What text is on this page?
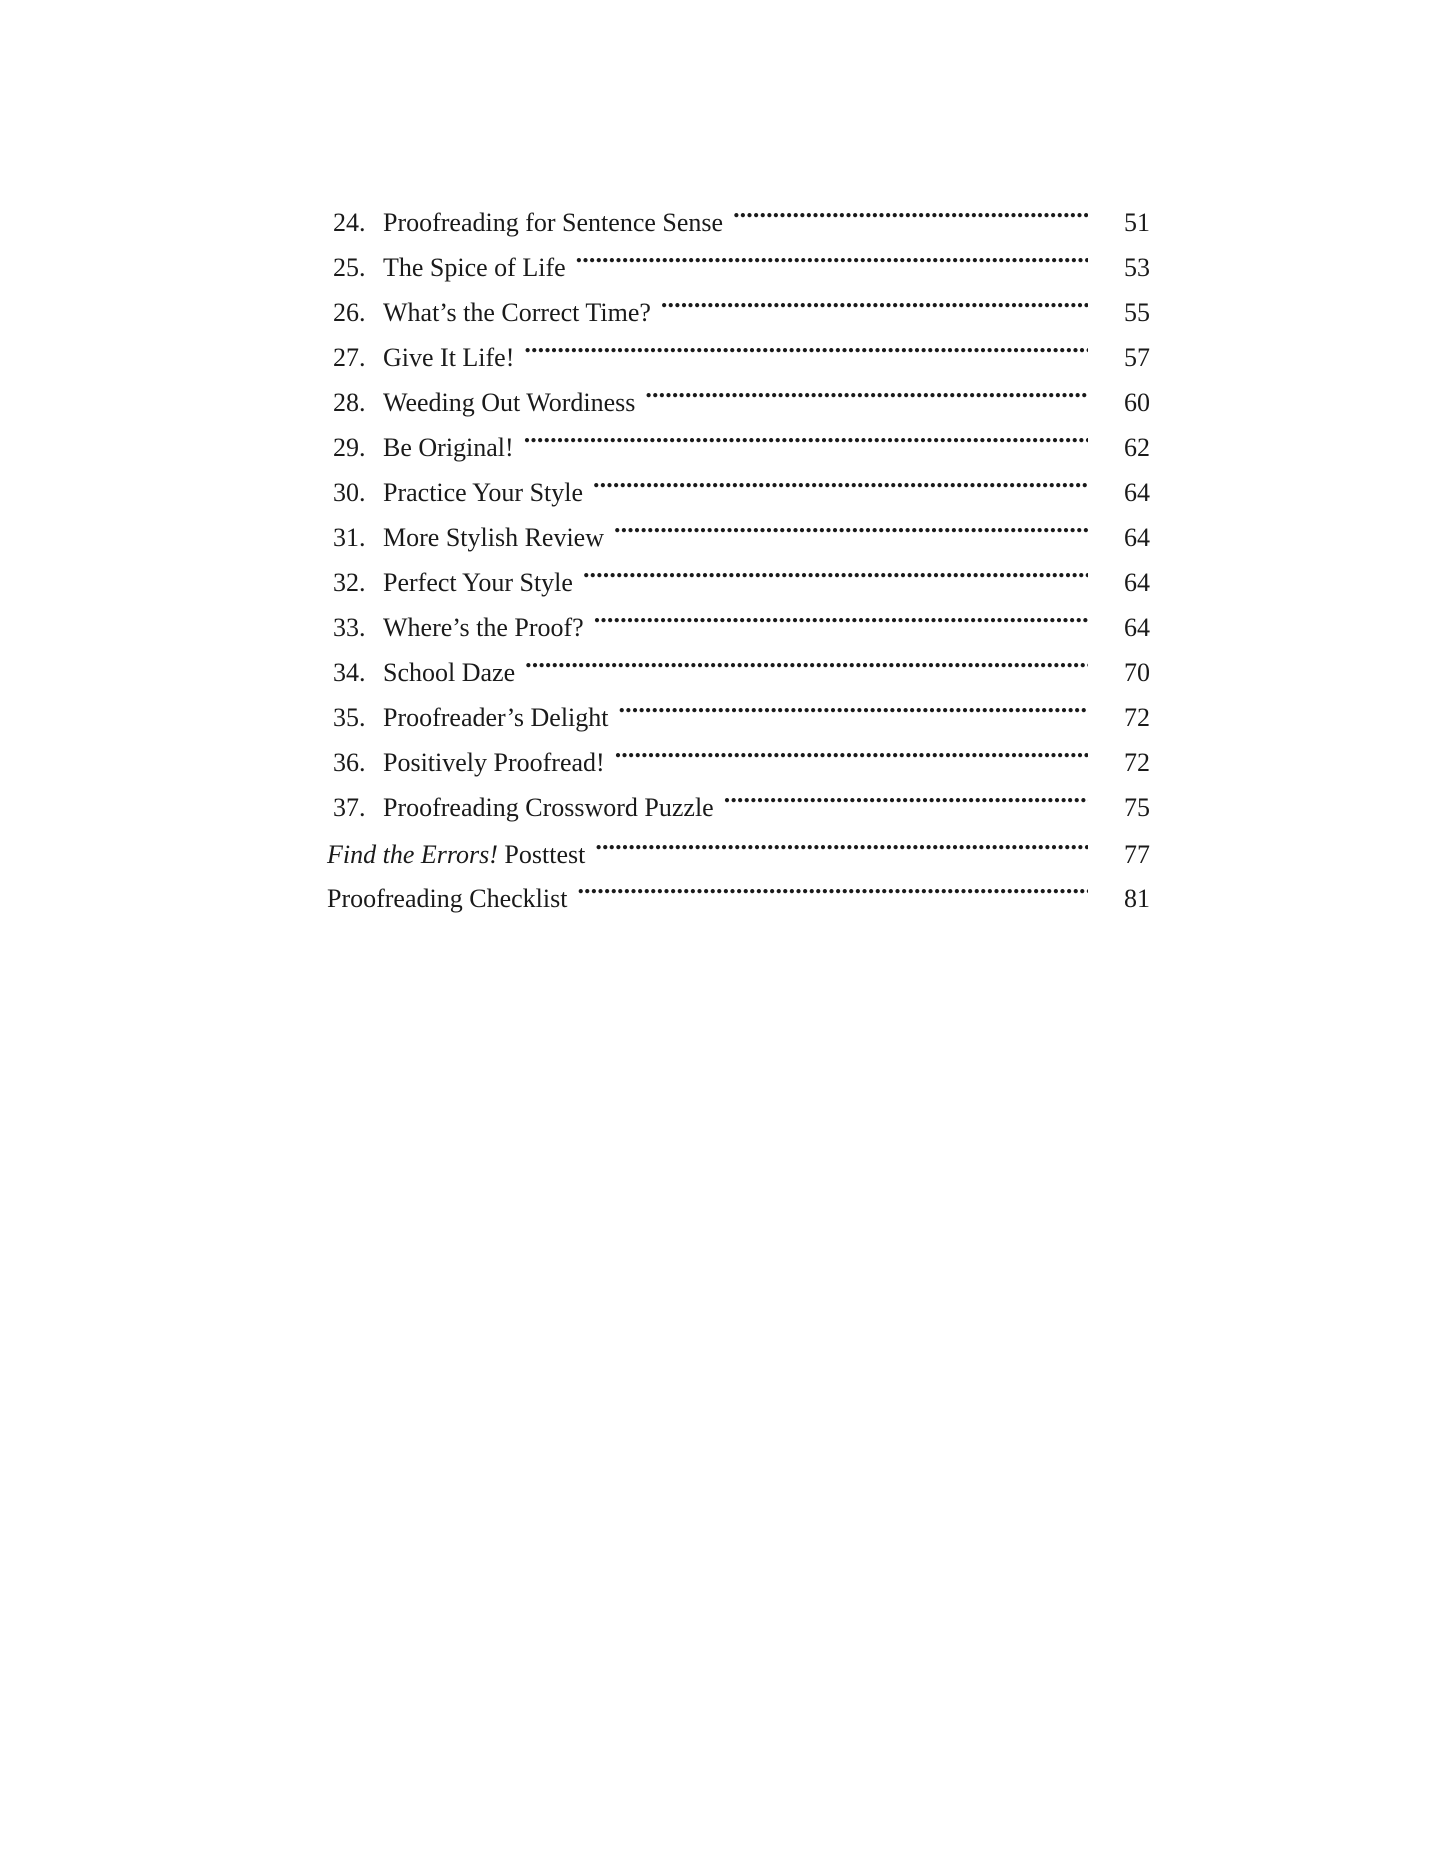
24. Proofreading for Sentence Sense . . .	51
25. The Spice of Life . . .	53
26. What’s the Correct Time? . . .	55
27. Give It Life! . . .	57
28. Weeding Out Wordiness . . .	60
29. Be Original! . . .	62
30. Practice Your Style . . .	64
31. More Stylish Review . . .	64
32. Perfect Your Style . . .	64
33. Where’s the Proof? . . .	64
34. School Daze . . .	70
35. Proofreader’s Delight . . .	72
36. Positively Proofread! . . .	72
37. Proofreading Crossword Puzzle . . .	75
Find the Errors! Posttest . . .	77
Proofreading Checklist . . .	81
